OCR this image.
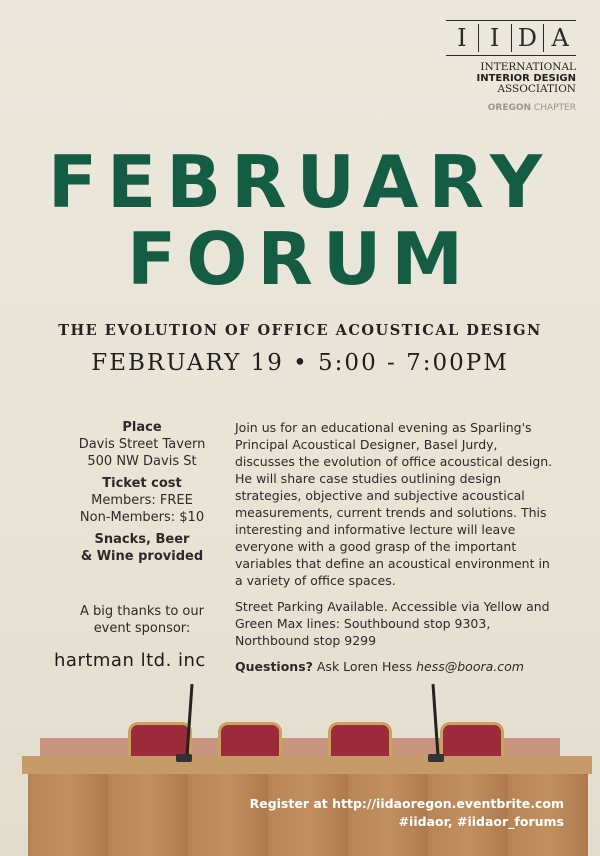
I I D A
INTERNATIONAL
INTERIOR DESIGN
ASSOCIATION
OREGON CHAPTER
FEBRUARY
FORUM
THE EVOLUTION OF OFFICE ACOUSTICAL DESIGN
FEBRUARY 19 • 5:00 - 7:00PM
Place
Davis Street Tavern
500 NW Davis St
Ticket cost
Members: FREE
Non-Members: $10
Snacks, Beer
& Wine provided
A big thanks to our
event sponsor:
hartman ltd. inc

Join us for an educational evening as Sparling's Principal Acoustical Designer, Basel Jurdy, discusses the evolution of office acoustical design. He will share case studies outlining design strategies, objective and subjective acoustical measurements, current trends and solutions. This interesting and informative lecture will leave everyone with a good grasp of the important variables that define an acoustical environment in a variety of office spaces.

Street Parking Available. Accessible via Yellow and Green Max lines: Southbound stop 9303, Northbound stop 9299

Questions? Ask Loren Hess hess@boora.com

Register at http://iidaoregon.eventbrite.com
#iidaor, #iidaor_forums
